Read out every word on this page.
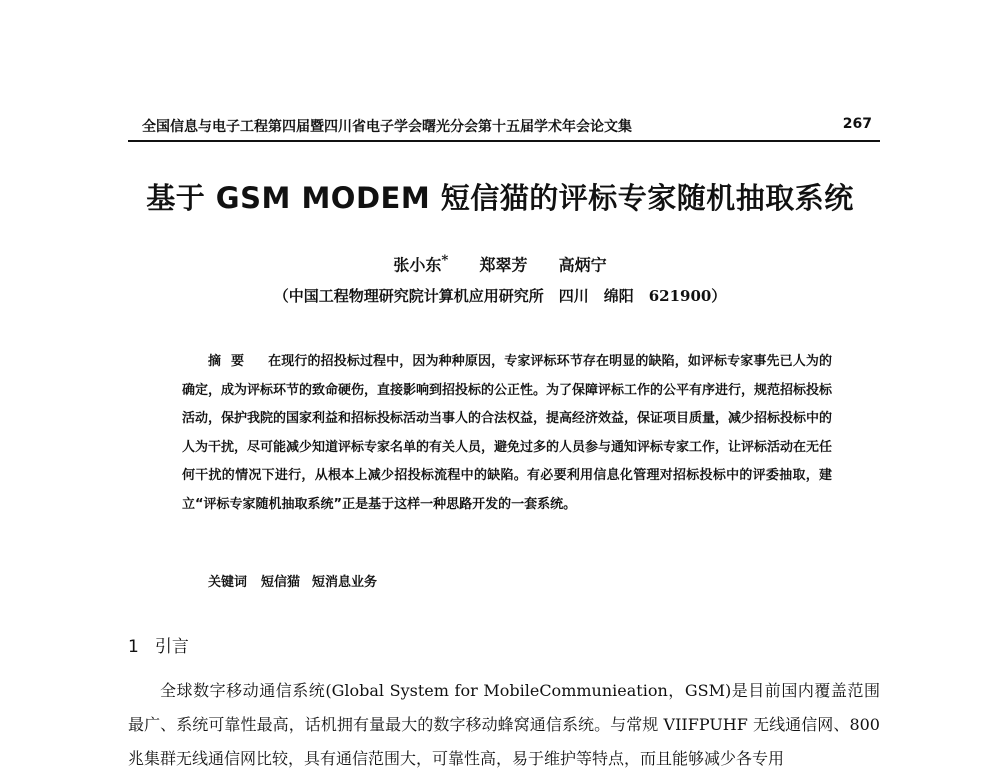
全国信息与电子工程第四届暨四川省电子学会曙光分会第十五届学术年会论文集	267
基于 GSM MODEM 短信猫的评标专家随机抽取系统
张小东* 郑翠芳 高炳宁
（中国工程物理研究院计算机应用研究所　四川　绵阳　621900）
摘要 在现行的招投标过程中，因为种种原因，专家评标环节存在明显的缺陷，如评标专家事先已人为的确定，成为评标环节的致命硬伤，直接影响到招投标的公正性。为了保障评标工作的公平有序进行，规范招标投标活动，保护我院的国家利益和招标投标活动当事人的合法权益，提高经济效益，保证项目质量，减少招标投标中的人为干扰，尽可能减少知道评标专家名单的有关人员，避免过多的人员参与通知评标专家工作，让评标活动在无任何干扰的情况下进行，从根本上减少招投标流程中的缺陷。有必要利用信息化管理对招标投标中的评委抽取，建立“评标专家随机抽取系统”正是基于这样一种思路开发的一套系统。
关键词 短信猫 短消息业务
1 引言
全球数字移动通信系统(Global System for MobileCommunieation，GSM)是目前国内覆盖范围最广、系统可靠性最高，话机拥有量最大的数字移动蜂窝通信系统。与常规 VIIFPUHF 无线通信网、800 兆集群无线通信网比较，具有通信范围大，可靠性高，易于维护等特点，而且能够减少各专用
